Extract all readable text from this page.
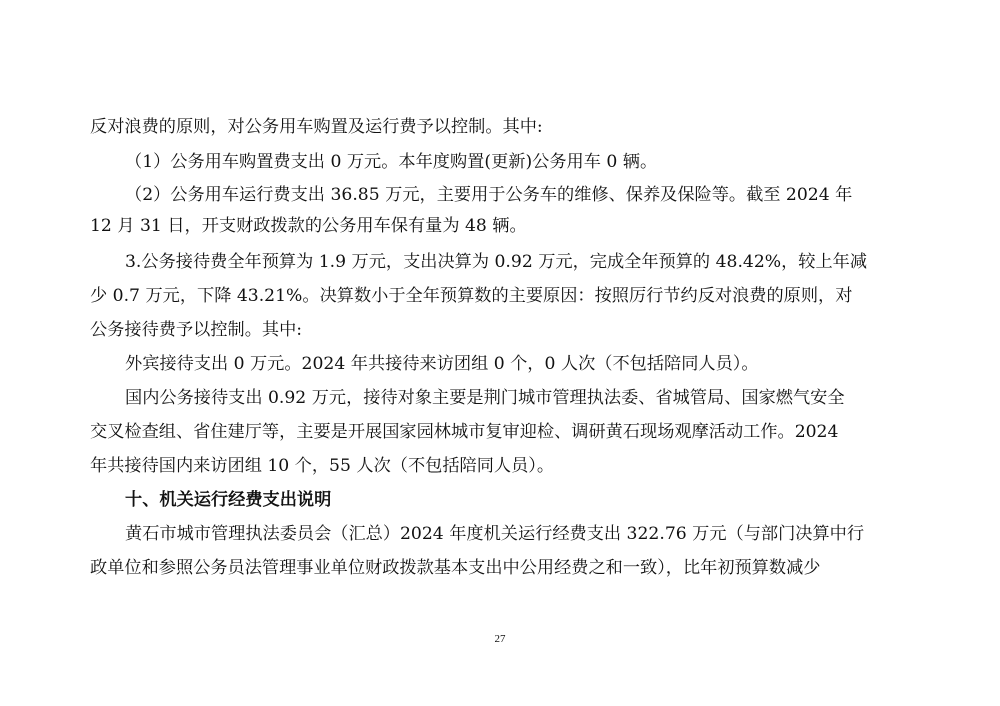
反对浪费的原则，对公务用车购置及运行费予以控制。其中:

（1）公务用车购置费支出 0 万元。本年度购置(更新)公务用车 0 辆。

（2）公务用车运行费支出 36.85 万元，主要用于公务车的维修、保养及保险等。截至 2024 年

12 月 31 日，开支财政拨款的公务用车保有量为 48 辆。

3.公务接待费全年预算为 1.9 万元，支出决算为 0.92 万元，完成全年预算的 48.42%，较上年减

少 0.7 万元，下降 43.21%。决算数小于全年预算数的主要原因：按照厉行节约反对浪费的原则，对

公务接待费予以控制。其中:

外宾接待支出 0 万元。2024 年共接待来访团组 0 个，0 人次（不包括陪同人员）。

国内公务接待支出 0.92 万元，接待对象主要是荆门城市管理执法委、省城管局、国家燃气安全

交叉检查组、省住建厅等，主要是开展国家园林城市复审迎检、调研黄石现场观摩活动工作。2024

年共接待国内来访团组 10 个，55 人次（不包括陪同人员）。

十、机关运行经费支出说明

黄石市城市管理执法委员会（汇总）2024 年度机关运行经费支出 322.76 万元（与部门决算中行

政单位和参照公务员法管理事业单位财政拨款基本支出中公用经费之和一致），比年初预算数减少

27
